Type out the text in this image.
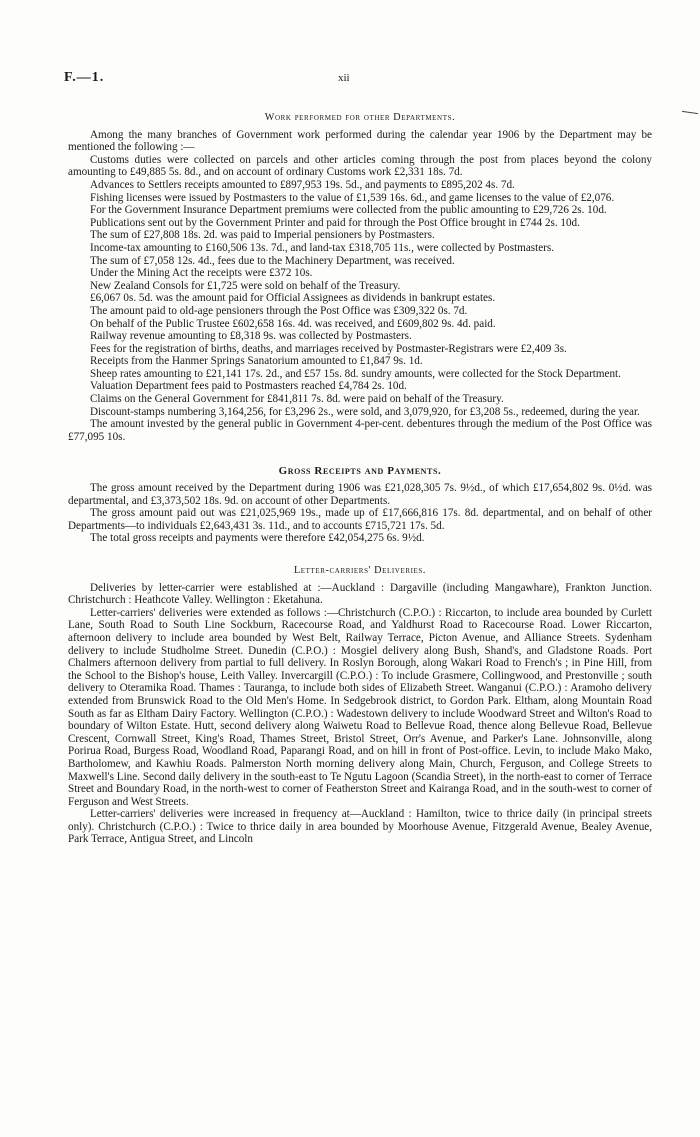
F.—1.	xii
Work performed for other Departments.

Among the many branches of Government work performed during the calendar year 1906 by the Department may be mentioned the following :—

Customs duties were collected on parcels and other articles coming through the post from places beyond the colony amounting to £49,885 5s. 8d., and on account of ordinary Customs work £2,331 18s. 7d.

Advances to Settlers receipts amounted to £897,953 19s. 5d., and payments to £895,202 4s. 7d.

Fishing licenses were issued by Postmasters to the value of £1,539 16s. 6d., and game licenses to the value of £2,076.

For the Government Insurance Department premiums were collected from the public amounting to £29,726 2s. 10d.

Publications sent out by the Government Printer and paid for through the Post Office brought in £744 2s. 10d.

The sum of £27,808 18s. 2d. was paid to Imperial pensioners by Postmasters.

Income-tax amounting to £160,506 13s. 7d., and land-tax £318,705 11s., were collected by Postmasters.

The sum of £7,058 12s. 4d., fees due to the Machinery Department, was received.

Under the Mining Act the receipts were £372 10s.

New Zealand Consols for £1,725 were sold on behalf of the Treasury.

£6,067 0s. 5d. was the amount paid for Official Assignees as dividends in bankrupt estates.

The amount paid to old-age pensioners through the Post Office was £309,322 0s. 7d.

On behalf of the Public Trustee £602,658 16s. 4d. was received, and £609,802 9s. 4d. paid.

Railway revenue amounting to £8,318 9s. was collected by Postmasters.

Fees for the registration of births, deaths, and marriages received by Postmaster-Registrars were £2,409 3s.

Receipts from the Hanmer Springs Sanatorium amounted to £1,847 9s. 1d.

Sheep rates amounting to £21,141 17s. 2d., and £57 15s. 8d. sundry amounts, were collected for the Stock Department.

Valuation Department fees paid to Postmasters reached £4,784 2s. 10d.

Claims on the General Government for £841,811 7s. 8d. were paid on behalf of the Treasury.

Discount-stamps numbering 3,164,256, for £3,296 2s., were sold, and 3,079,920, for £3,208 5s., redeemed, during the year.

The amount invested by the general public in Government 4-per-cent. debentures through the medium of the Post Office was £77,095 10s.

Gross Receipts and Payments.

The gross amount received by the Department during 1906 was £21,028,305 7s. 9½d., of which £17,654,802 9s. 0½d. was departmental, and £3,373,502 18s. 9d. on account of other Departments.

The gross amount paid out was £21,025,969 19s., made up of £17,666,816 17s. 8d. departmental, and on behalf of other Departments—to individuals £2,643,431 3s. 11d., and to accounts £715,721 17s. 5d.

The total gross receipts and payments were therefore £42,054,275 6s. 9½d.

Letter-carriers' Deliveries.

Deliveries by letter-carrier were established at :—Auckland : Dargaville (including Mangawhare), Frankton Junction. Christchurch : Heathcote Valley. Wellington : Eketahuna.

Letter-carriers' deliveries were extended as follows :—Christchurch (C.P.O.) : Riccarton, to include area bounded by Curlett Lane, South Road to South Line Sockburn, Racecourse Road, and Yaldhurst Road to Racecourse Road. Lower Riccarton, afternoon delivery to include area bounded by West Belt, Railway Terrace, Picton Avenue, and Alliance Streets. Sydenham delivery to include Studholme Street. Dunedin (C.P.O.) : Mosgiel delivery along Bush, Shand's, and Gladstone Roads. Port Chalmers afternoon delivery from partial to full delivery. In Roslyn Borough, along Wakari Road to French's ; in Pine Hill, from the School to the Bishop's house, Leith Valley. Invercargill (C.P.O.) : To include Grasmere, Collingwood, and Prestonville ; south delivery to Oteramika Road. Thames : Tauranga, to include both sides of Elizabeth Street. Wanganui (C.P.O.) : Aramoho delivery extended from Brunswick Road to the Old Men's Home. In Sedgebrook district, to Gordon Park. Eltham, along Mountain Road South as far as Eltham Dairy Factory. Wellington (C.P.O.) : Wadestown delivery to include Woodward Street and Wilton's Road to boundary of Wilton Estate. Hutt, second delivery along Waiwetu Road to Bellevue Road, thence along Bellevue Road, Bellevue Crescent, Cornwall Street, King's Road, Thames Street, Bristol Street, Orr's Avenue, and Parker's Lane. Johnsonville, along Porirua Road, Burgess Road, Woodland Road, Paparangi Road, and on hill in front of Post-office. Levin, to include Mako Mako, Bartholomew, and Kawhiu Roads. Palmerston North morning delivery along Main, Church, Ferguson, and College Streets to Maxwell's Line. Second daily delivery in the south-east to Te Ngutu Lagoon (Scandia Street), in the north-east to corner of Terrace Street and Boundary Road, in the north-west to corner of Featherston Street and Kairanga Road, and in the south-west to corner of Ferguson and West Streets.

Letter-carriers' deliveries were increased in frequency at—Auckland : Hamilton, twice to thrice daily (in principal streets only). Christchurch (C.P.O.) : Twice to thrice daily in area bounded by Moorhouse Avenue, Fitzgerald Avenue, Bealey Avenue, Park Terrace, Antigua Street, and Lincoln
